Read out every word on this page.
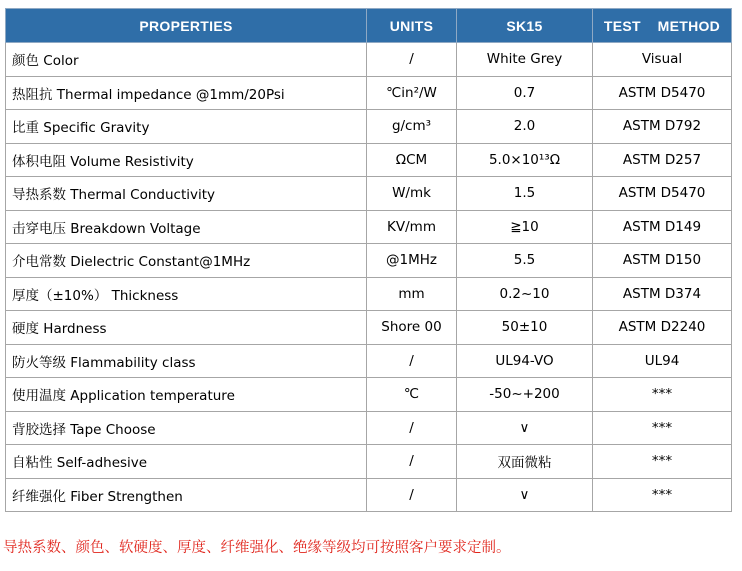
PROPERTIES	UNITS	SK15	TEST    METHOD
颜色 Color	/	White Grey	Visual
热阻抗 Thermal impedance @1mm/20Psi	℃in²/W	0.7	ASTM D5470
比重 Specific Gravity	g/cm³	2.0	ASTM D792
体积电阻 Volume Resistivity	ΩCM	5.0×10¹³Ω	ASTM D257
导热系数 Thermal Conductivity	W/mk	1.5	ASTM D5470
击穿电压 Breakdown Voltage	KV/mm	≧10	ASTM D149
介电常数 Dielectric Constant@1MHz	@1MHz	5.5	ASTM D150
厚度（±10%） Thickness	mm	0.2~10	ASTM D374
硬度 Hardness	Shore 00	50±10	ASTM D2240
防火等级 Flammability class	/	UL94-VO	UL94
使用温度 Application temperature	℃	-50~+200	***
背胶选择 Tape Choose	/	∨	***
自粘性 Self-adhesive	/	双面微粘	***
纤维强化 Fiber Strengthen	/	∨	***
导热系数、颜色、软硬度、厚度、纤维强化、绝缘等级均可按照客户要求定制。
